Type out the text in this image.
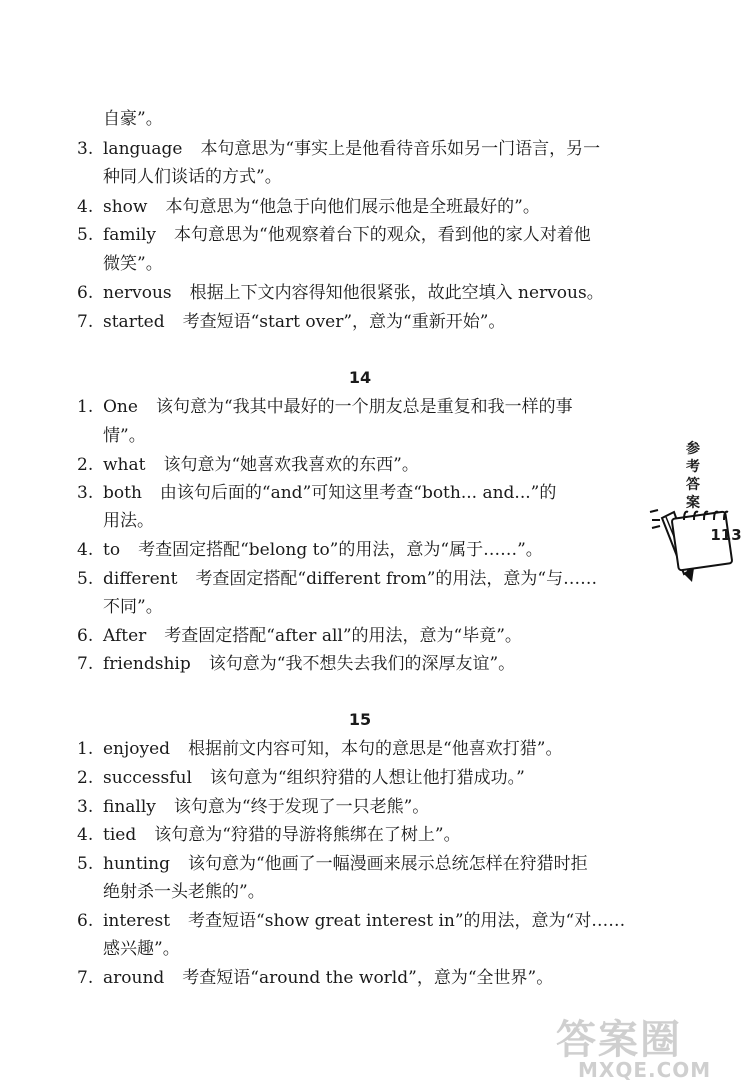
自豪”。
3. language 本句意思为“事实上是他看待音乐如另一门语言，另一
种同人们谈话的方式”。
4. show 本句意思为“他急于向他们展示他是全班最好的”。
5. family 本句意思为“他观察着台下的观众，看到他的家人对着他
微笑”。
6. nervous 根据上下文内容得知他很紧张，故此空填入 nervous。
7. started 考查短语“start over”，意为“重新开始”。
14
1. One 该句意为“我其中最好的一个朋友总是重复和我一样的事
情”。
2. what 该句意为“她喜欢我喜欢的东西”。
3. both 由该句后面的“and”可知这里考查“both... and...”的
用法。
4. to 考查固定搭配“belong to”的用法，意为“属于……”。
5. different 考查固定搭配“different from”的用法，意为“与……
不同”。
6. After 考查固定搭配“after all”的用法，意为“毕竟”。
7. friendship 该句意为“我不想失去我们的深厚友谊”。
15
1. enjoyed 根据前文内容可知，本句的意思是“他喜欢打猎”。
2. successful 该句意为“组织狩猎的人想让他打猎成功。”
3. finally 该句意为“终于发现了一只老熊”。
4. tied 该句意为“狩猎的导游将熊绑在了树上”。
5. hunting 该句意为“他画了一幅漫画来展示总统怎样在狩猎时拒
绝射杀一头老熊的”。
6. interest 考查短语“show great interest in”的用法，意为“对……
感兴趣”。
7. around 考查短语“around the world”，意为“全世界”。
参
考
答
案
113
答案圈
MXQE.COM
